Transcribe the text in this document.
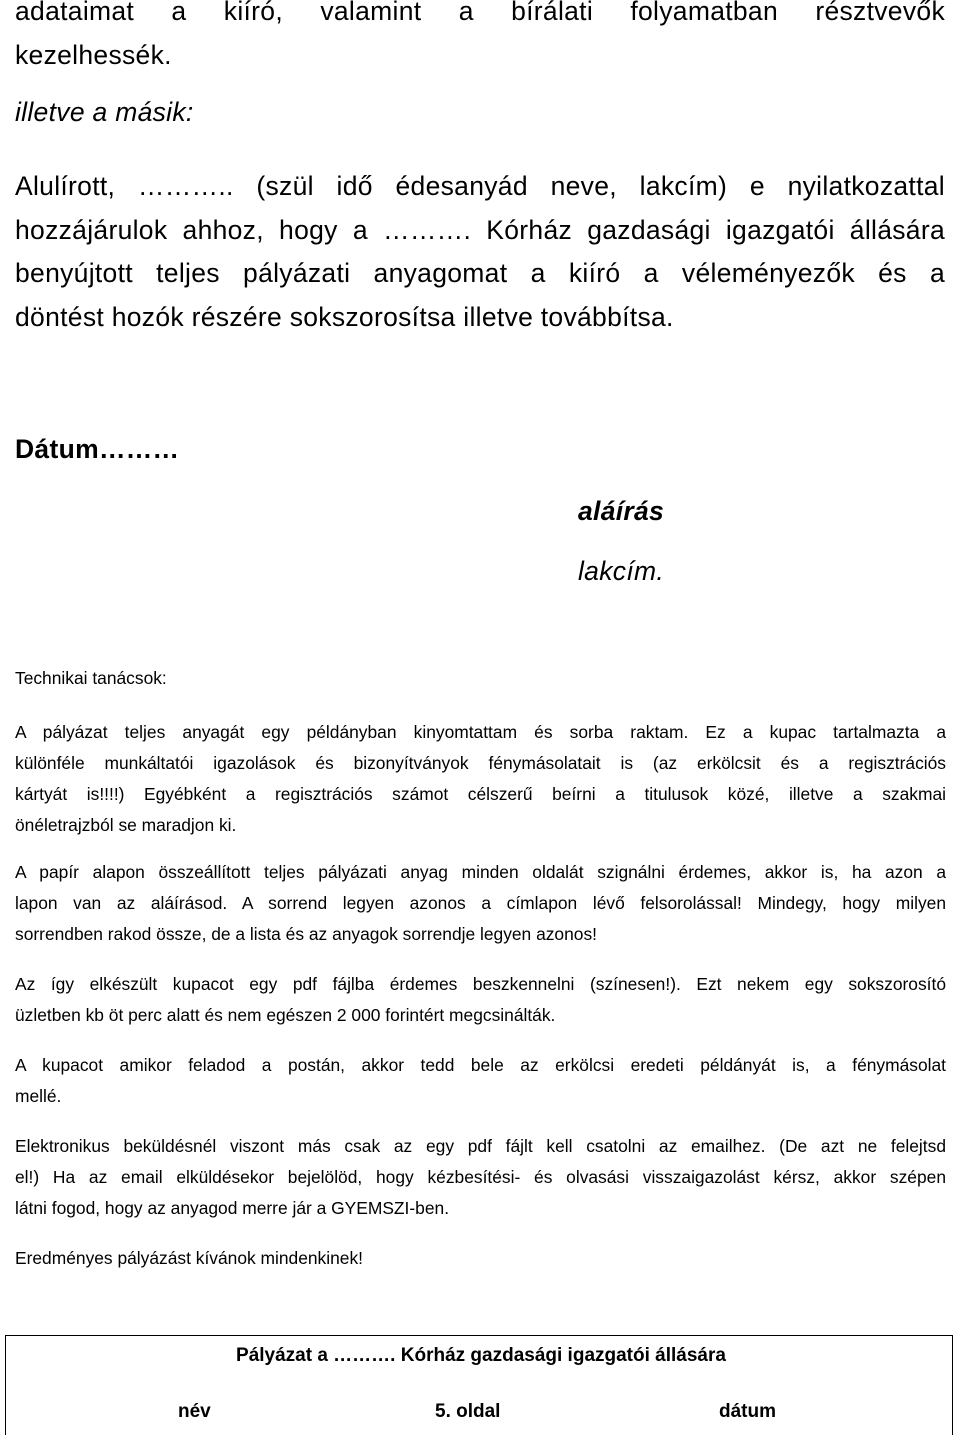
adataimat a kiíró, valamint a bírálati folyamatban résztvevők
kezelhessék.

illetve a másik:

Alulírott, ……….. (szül idő édesanyád neve, lakcím) e nyilatkozattal
hozzájárulok ahhoz, hogy a ………. Kórház gazdasági igazgatói állására
benyújtott teljes pályázati anyagomat a kiíró a véleményezők és a
döntést hozók részére sokszorosítsa illetve továbbítsa.

Dátum………

aláírás

lakcím.

Technikai tanácsok:

A pályázat teljes anyagát egy példányban kinyomtattam és sorba raktam. Ez a kupac tartalmazta a
különféle munkáltatói igazolások és bizonyítványok fénymásolatait is (az erkölcsit és a regisztrációs
kártyát is!!!!) Egyébként a regisztrációs számot célszerű beírni a titulusok közé, illetve a szakmai
önéletrajzból se maradjon ki.

A papír alapon összeállított teljes pályázati anyag minden oldalát szignálni érdemes, akkor is, ha azon a
lapon van az aláírásod. A sorrend legyen azonos a címlapon lévő felsorolással! Mindegy, hogy milyen
sorrendben rakod össze, de a lista és az anyagok sorrendje legyen azonos!

Az így elkészült kupacot egy pdf fájlba érdemes beszkennelni (színesen!). Ezt nekem egy sokszorosító
üzletben kb öt perc alatt és nem egészen 2 000 forintért megcsinálták.

A kupacot amikor feladod a postán, akkor tedd bele az erkölcsi eredeti példányát is, a fénymásolat
mellé.

Elektronikus beküldésnél viszont más csak az egy pdf fájlt kell csatolni az emailhez. (De azt ne felejtsd
el!) Ha az email elküldésekor bejelölöd, hogy kézbesítési- és olvasási visszaigazolást kérsz, akkor szépen
látni fogod, hogy az anyagod merre jár a GYEMSZI-ben.

Eredményes pályázást kívánok mindenkinek!

Pályázat a ………. Kórház gazdasági igazgatói állására
név	5. oldal	dátum
